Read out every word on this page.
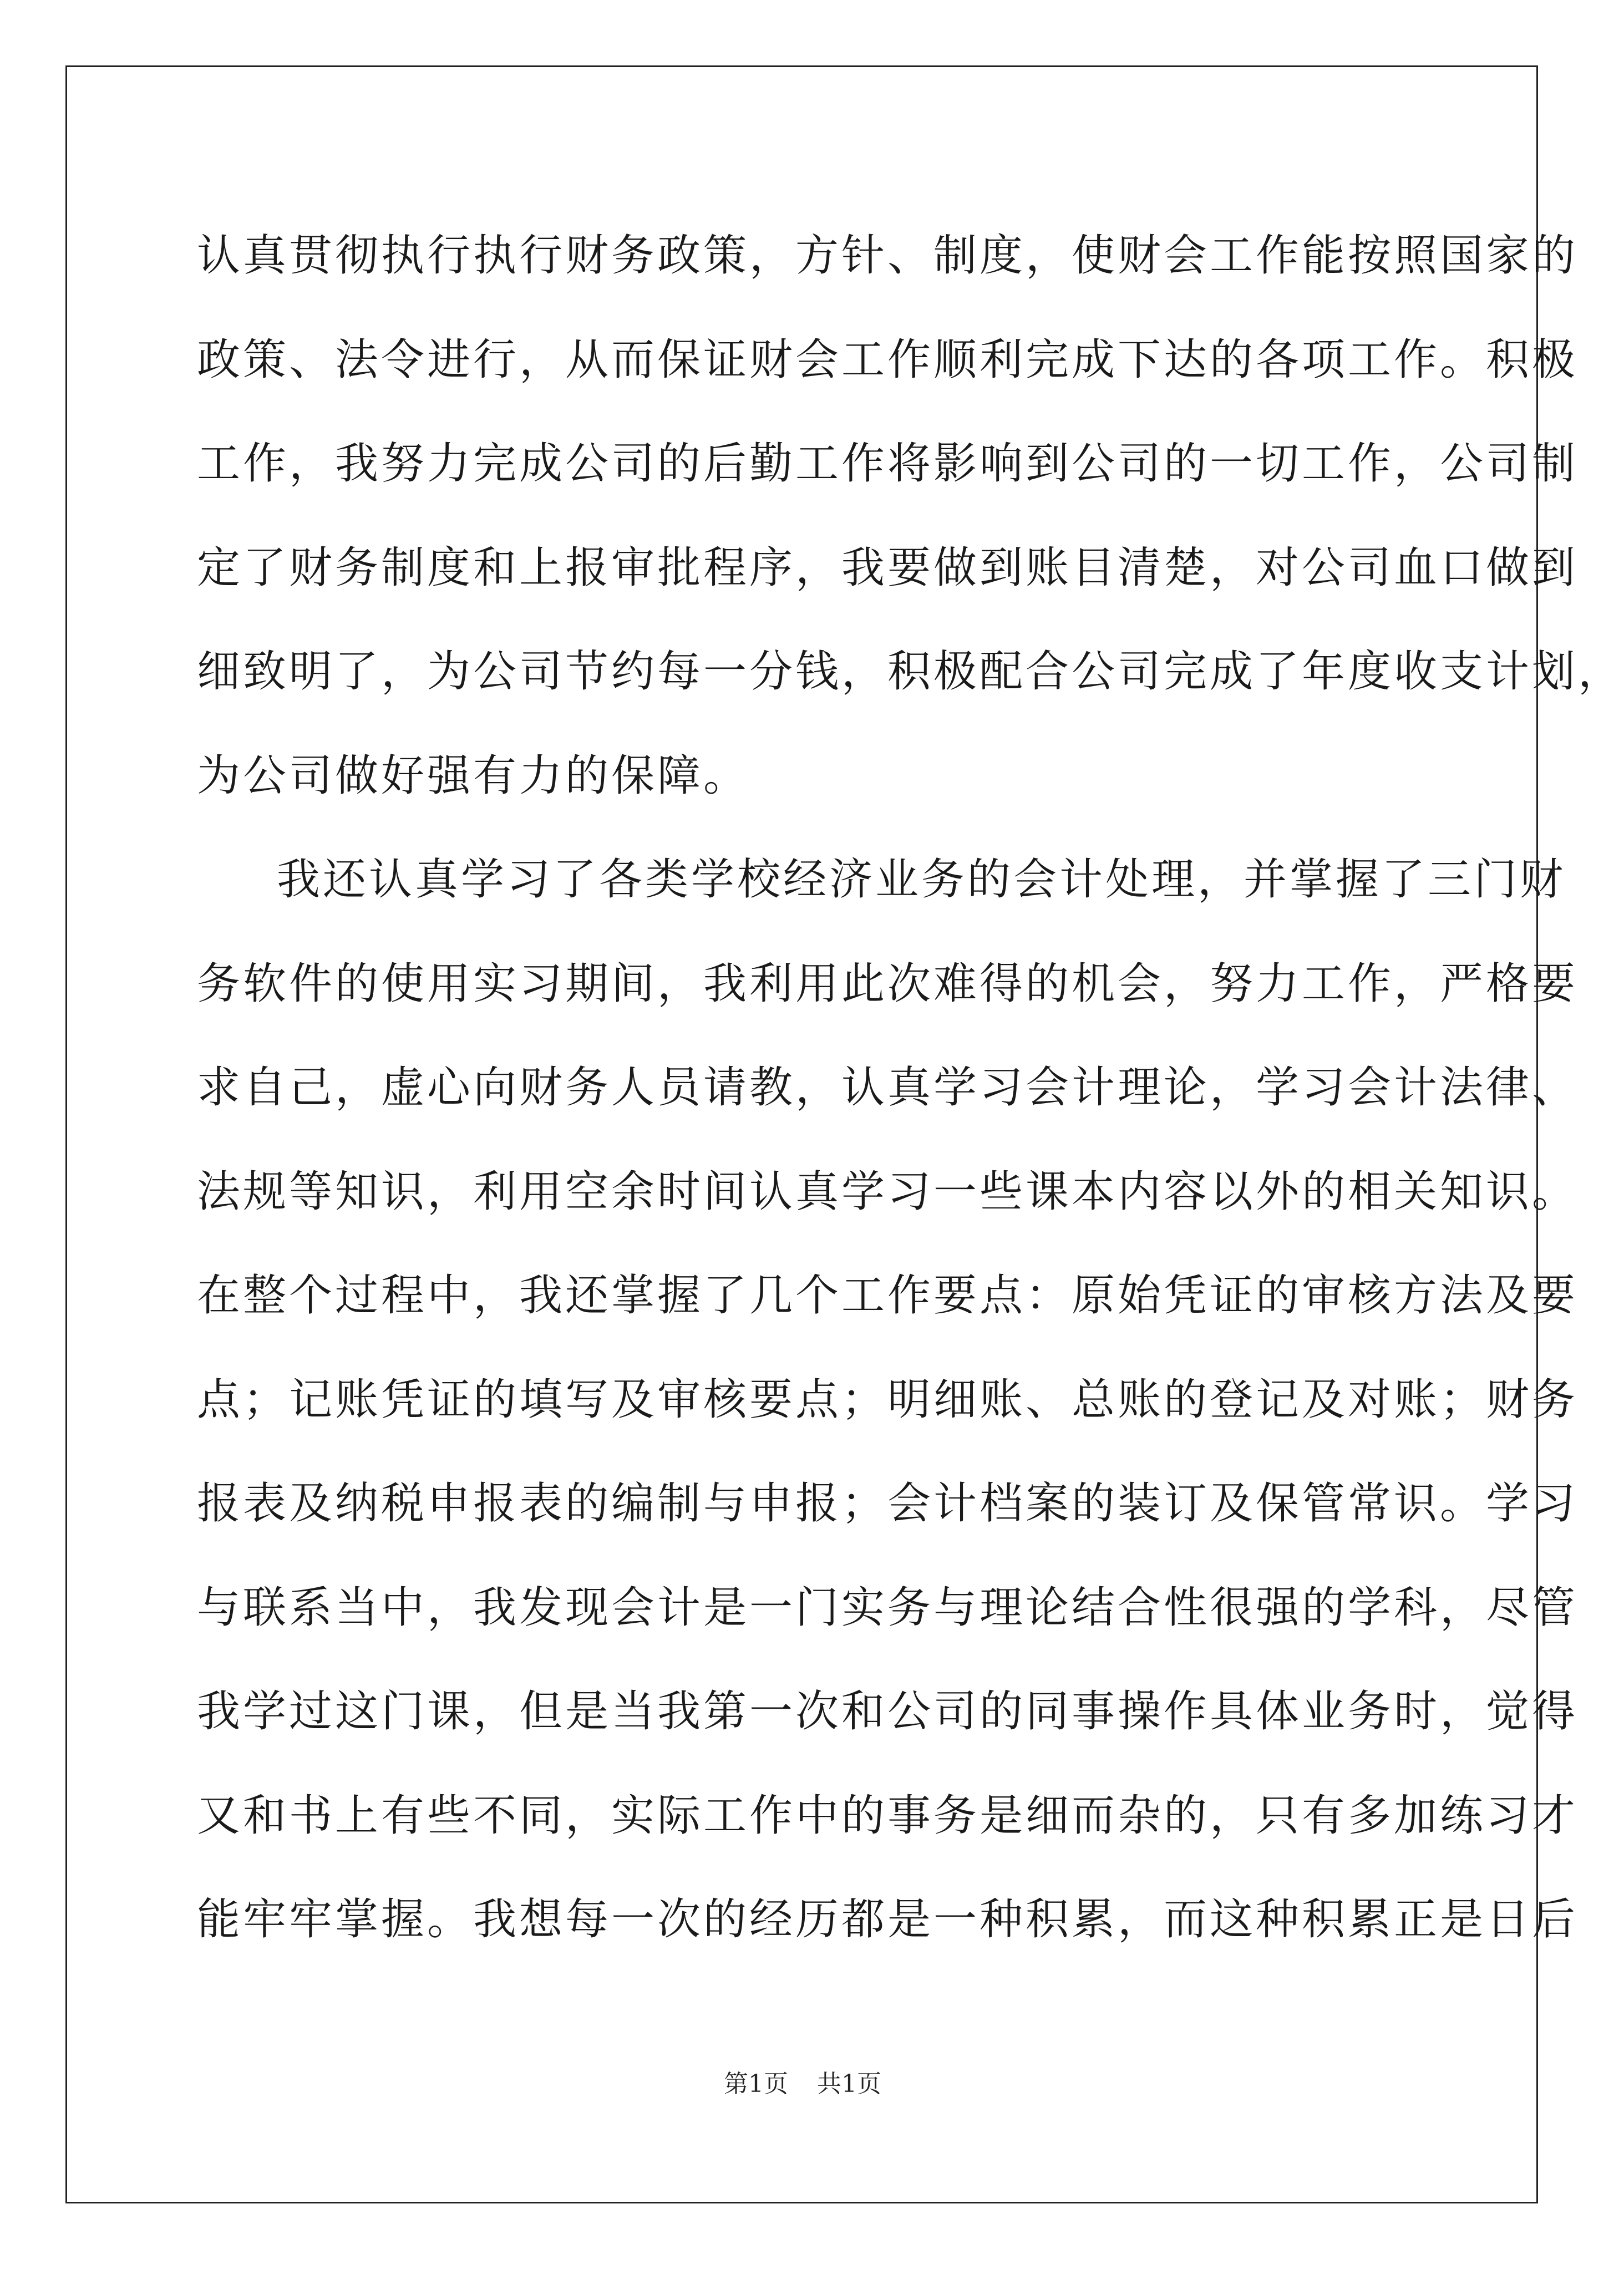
认真贯彻执行执行财务政策，方针、制度，使财会工作能按照国家的
政策、法令进行，从而保证财会工作顺利完成下达的各项工作。积极
工作，我努力完成公司的后勤工作将影响到公司的一切工作，公司制
定了财务制度和上报审批程序，我要做到账目清楚，对公司血口做到
细致明了，为公司节约每一分钱，积极配合公司完成了年度收支计划，
为公司做好强有力的保障。
我还认真学习了各类学校经济业务的会计处理，并掌握了三门财
务软件的使用实习期间，我利用此次难得的机会，努力工作，严格要
求自己，虚心向财务人员请教，认真学习会计理论，学习会计法律、
法规等知识，利用空余时间认真学习一些课本内容以外的相关知识。
在整个过程中，我还掌握了几个工作要点：原始凭证的审核方法及要
点；记账凭证的填写及审核要点；明细账、总账的登记及对账；财务
报表及纳税申报表的编制与申报；会计档案的装订及保管常识。学习
与联系当中，我发现会计是一门实务与理论结合性很强的学科，尽管
我学过这门课，但是当我第一次和公司的同事操作具体业务时，觉得
又和书上有些不同，实际工作中的事务是细而杂的，只有多加练习才
能牢牢掌握。我想每一次的经历都是一种积累，而这种积累正是日后
第1页 共1页
